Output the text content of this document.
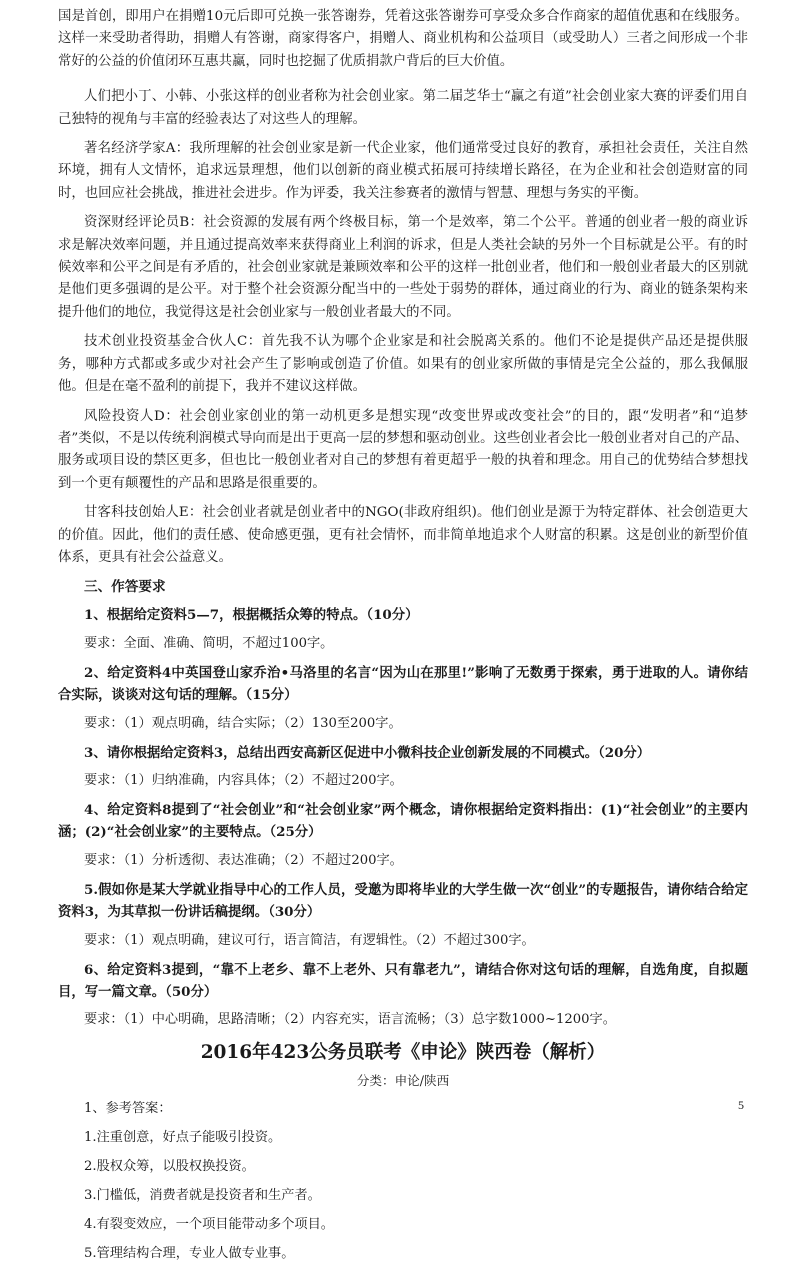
国是首创，即用户在捐赠10元后即可兑换一张答谢券，凭着这张答谢券可享受众多合作商家的超值优惠和在线服务。这样一来受助者得助，捐赠人有答谢，商家得客户，捐赠人、商业机构和公益项目（或受助人）三者之间形成一个非常好的公益的价值闭环互惠共赢，同时也挖掘了优质捐款户背后的巨大价值。

人们把小丁、小韩、小张这样的创业者称为社会创业家。第二届芝华士“赢之有道”社会创业家大赛的评委们用自己独特的视角与丰富的经验表达了对这些人的理解。

著名经济学家A：我所理解的社会创业家是新一代企业家，他们通常受过良好的教育，承担社会责任，关注自然环境，拥有人文情怀，追求远景理想，他们以创新的商业模式拓展可持续增长路径，在为企业和社会创造财富的同时，也回应社会挑战，推进社会进步。作为评委，我关注参赛者的激情与智慧、理想与务实的平衡。

资深财经评论员B：社会资源的发展有两个终极目标，第一个是效率，第二个公平。普通的创业者一般的商业诉求是解决效率问题，并且通过提高效率来获得商业上利润的诉求，但是人类社会缺的另外一个目标就是公平。有的时候效率和公平之间是有矛盾的，社会创业家就是兼顾效率和公平的这样一批创业者，他们和一般创业者最大的区别就是他们更多强调的是公平。对于整个社会资源分配当中的一些处于弱势的群体，通过商业的行为、商业的链条架构来提升他们的地位，我觉得这是社会创业家与一般创业者最大的不同。

技术创业投资基金合伙人C：首先我不认为哪个企业家是和社会脱离关系的。他们不论是提供产品还是提供服务，哪种方式都或多或少对社会产生了影响或创造了价值。如果有的创业家所做的事情是完全公益的，那么我佩服他。但是在毫不盈利的前提下，我并不建议这样做。

风险投资人D：社会创业家创业的第一动机更多是想实现“改变世界或改变社会”的目的，跟“发明者”和“追梦者”类似，不是以传统利润模式导向而是出于更高一层的梦想和驱动创业。这些创业者会比一般创业者对自己的产品、服务或项目设的禁区更多，但也比一般创业者对自己的梦想有着更超乎一般的执着和理念。用自己的优势结合梦想找到一个更有颠覆性的产品和思路是很重要的。

甘客科技创始人E：社会创业者就是创业者中的NGO(非政府组织)。他们创业是源于为特定群体、社会创造更大的价值。因此，他们的责任感、使命感更强，更有社会情怀，而非简单地追求个人财富的积累。这是创业的新型价值体系，更具有社会公益意义。

三、作答要求

1、根据给定资料5—7，根据概括众筹的特点。（10分）

要求：全面、准确、简明，不超过100字。

2、给定资料4中英国登山家乔治•马洛里的名言“因为山在那里!”影响了无数勇于探索，勇于进取的人。请你结合实际，谈谈对这句话的理解。（15分）

要求：（1）观点明确，结合实际；（2）130至200字。

3、请你根据给定资料3，总结出西安高新区促进中小微科技企业创新发展的不同模式。（20分）

要求：（1）归纳准确，内容具体；（2）不超过200字。

4、给定资料8提到了“社会创业”和“社会创业家”两个概念，请你根据给定资料指出：(1)“社会创业”的主要内涵；(2)“社会创业家”的主要特点。（25分）

要求：（1）分析透彻、表达准确；（2）不超过200字。

5.假如你是某大学就业指导中心的工作人员，受邀为即将毕业的大学生做一次“创业”的专题报告，请你结合给定资料3，为其草拟一份讲话稿提纲。（30分）

要求：（1）观点明确，建议可行，语言简洁，有逻辑性。（2）不超过300字。

6、给定资料3提到，“靠不上老乡、靠不上老外、只有靠老九”，请结合你对这句话的理解，自选角度，自拟题目，写一篇文章。（50分）

要求：（1）中心明确，思路清晰；（2）内容充实，语言流畅；（3）总字数1000~1200字。

2016年423公务员联考《申论》陕西卷（解析）
分类：申论/陕西

1、参考答案：

1.注重创意，好点子能吸引投资。

2.股权众筹，以股权换投资。

3.门槛低，消费者就是投资者和生产者。

4.有裂变效应，一个项目能带动多个项目。

5.管理结构合理，专业人做专业事。

5
